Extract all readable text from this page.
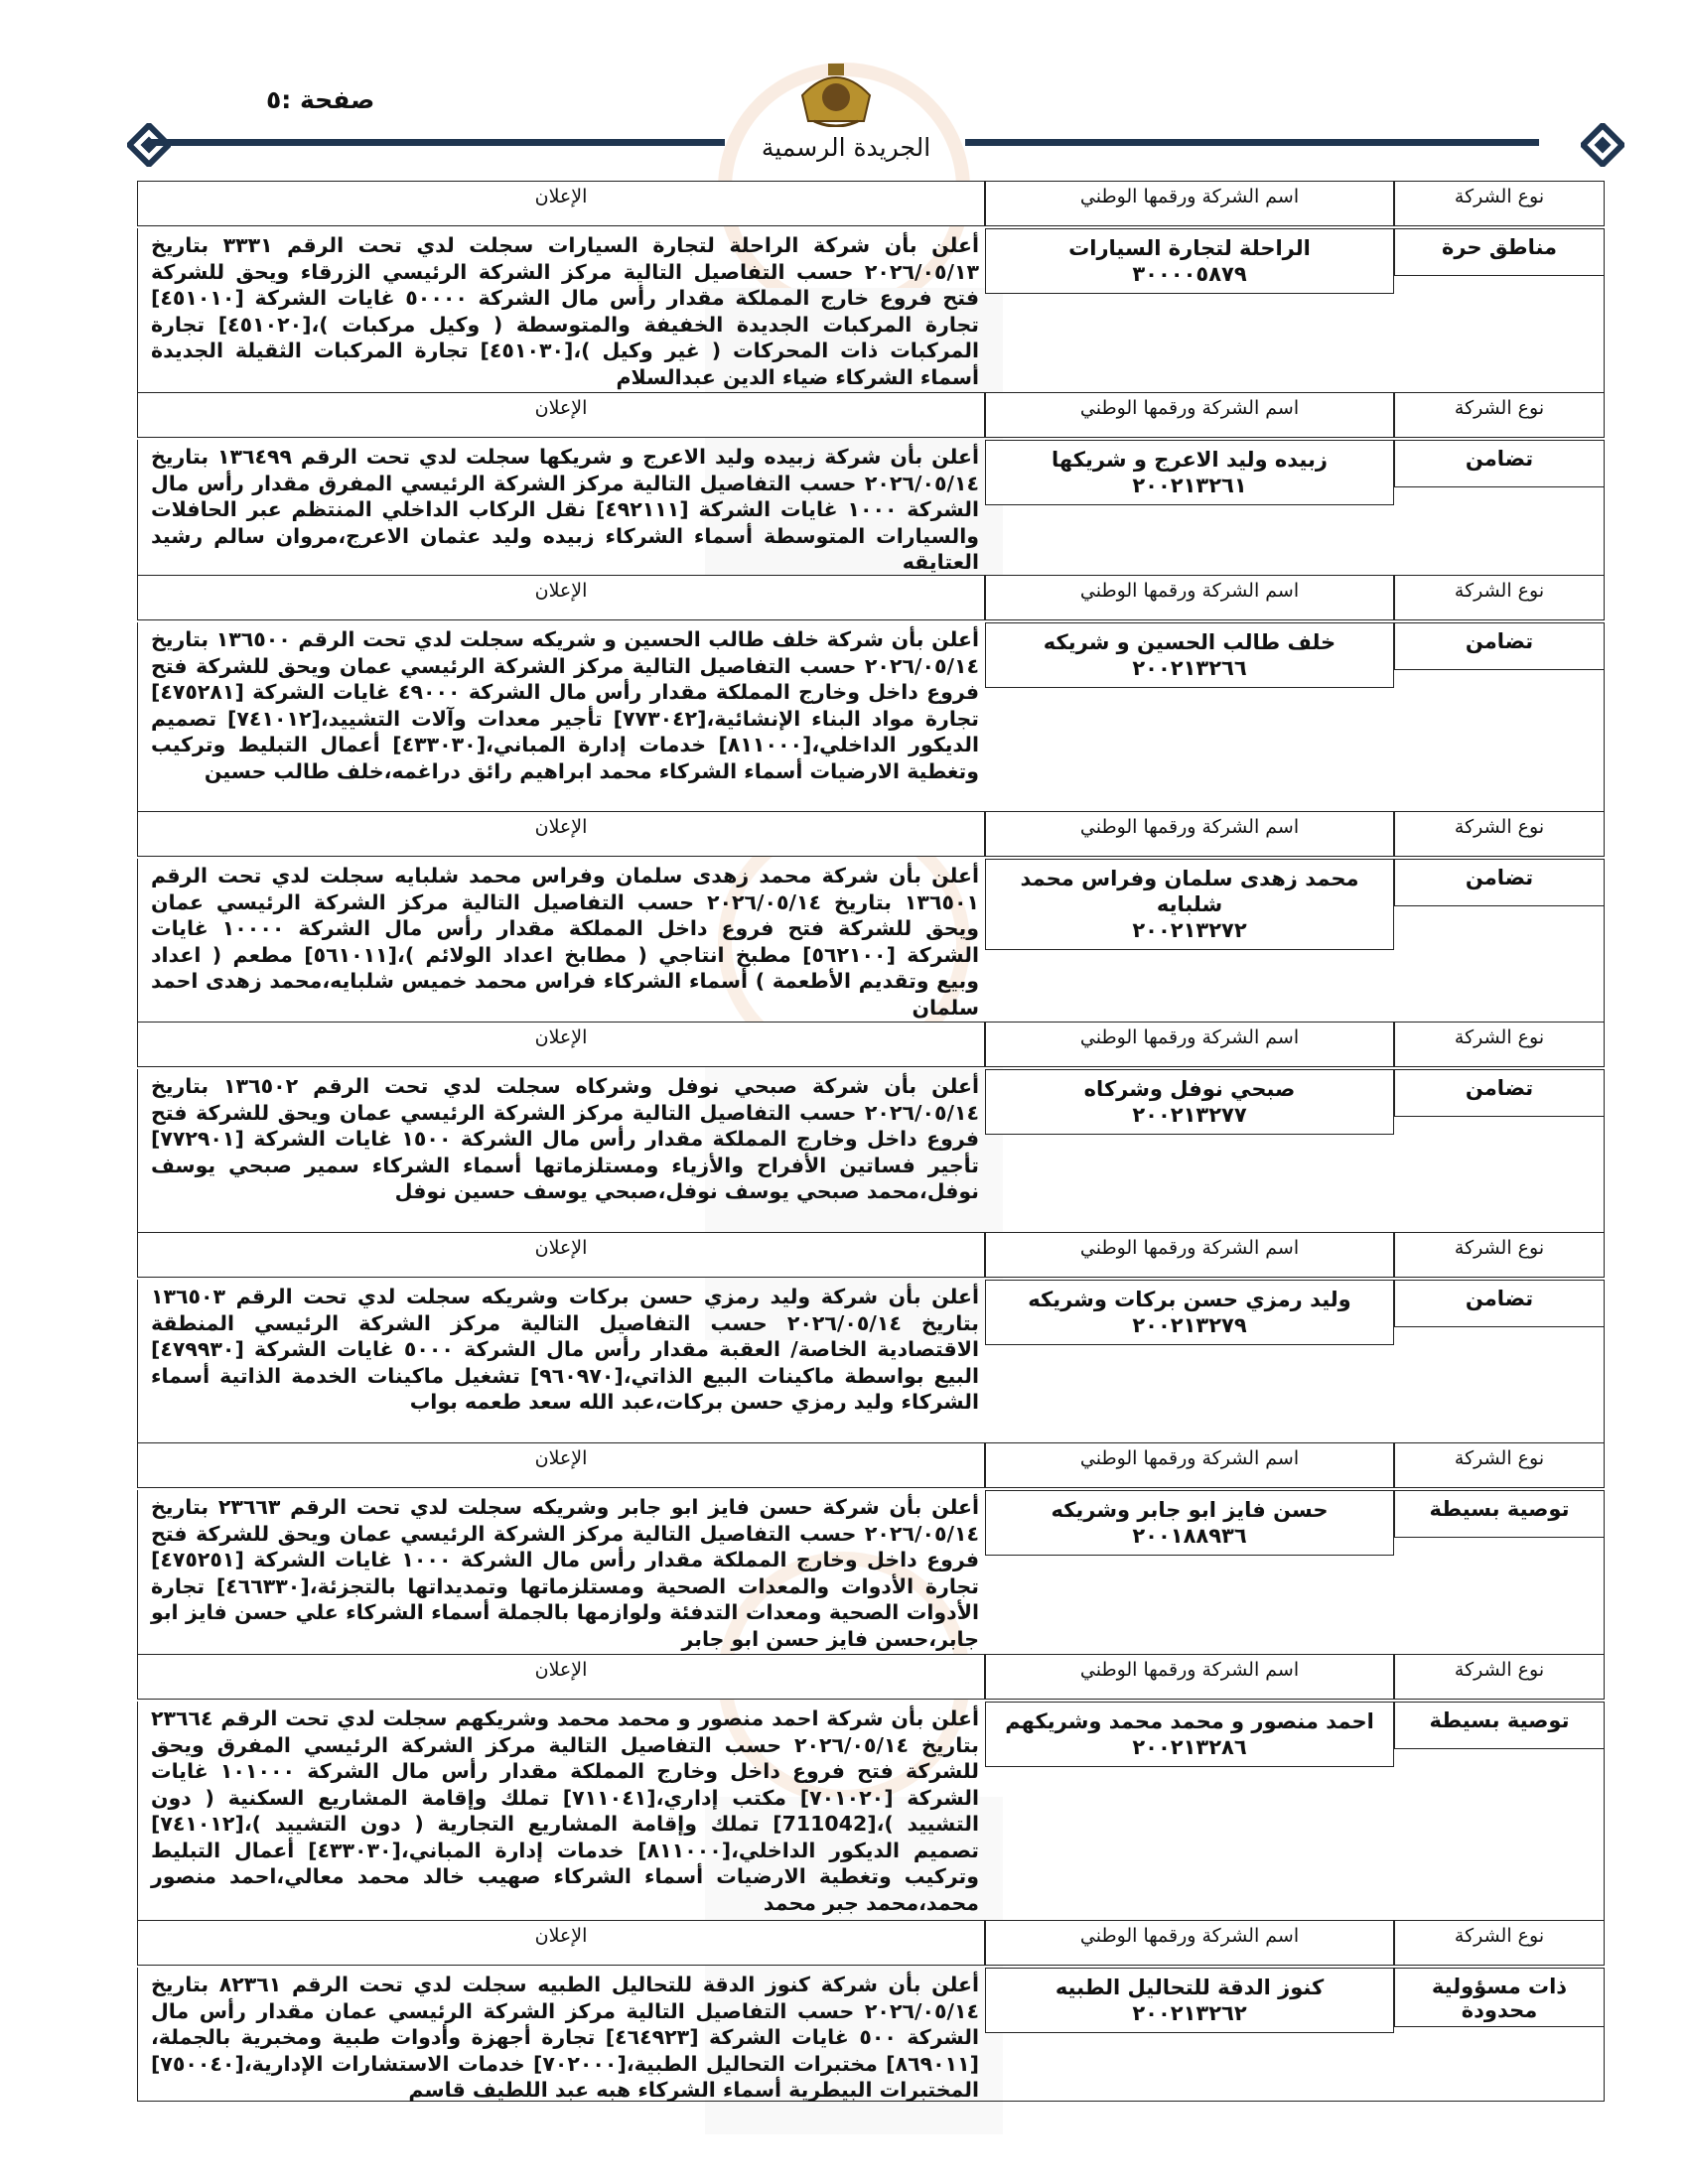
صفحة :٥
الجريدة الرسمية
نوع الشركة
اسم الشركة ورقمها الوطني
الإعلان
مناطق حرة
الراحلة لتجارة السيارات
٣٠٠٠٠٥٨٧٩
أعلن بأن شركة الراحلة لتجارة السيارات سجلت لدي تحت الرقم ٣٣٣١ بتاريخ ٢٠٢٦/٠٥/١٣ حسب التفاصيل التالية مركز الشركة الرئيسي الزرقاء ويحق للشركة فتح فروع خارج المملكة مقدار رأس مال الشركة ٥٠٠٠٠ غايات الشركة [٤٥١٠١٠] تجارة المركبات الجديدة الخفيفة والمتوسطة ( وكيل مركبات )،[٤٥١٠٢٠] تجارة المركبات ذات المحركات ( غير وكيل )،[٤٥١٠٣٠] تجارة المركبات الثقيلة الجديدة أسماء الشركاء ضياء الدين عبدالسلام
نوع الشركة
اسم الشركة ورقمها الوطني
الإعلان
تضامن
زبيده وليد الاعرج و شريكها
٢٠٠٢١٣٢٦١
أعلن بأن شركة زبيده وليد الاعرج و شريكها سجلت لدي تحت الرقم ١٣٦٤٩٩ بتاريخ ٢٠٢٦/٠٥/١٤ حسب التفاصيل التالية مركز الشركة الرئيسي المفرق مقدار رأس مال الشركة ١٠٠٠ غايات الشركة [٤٩٢١١١] نقل الركاب الداخلي المنتظم عبر الحافلات والسيارات المتوسطة أسماء الشركاء زبيده وليد عثمان الاعرج،مروان سالم رشيد العتايقه
نوع الشركة
اسم الشركة ورقمها الوطني
الإعلان
تضامن
خلف طالب الحسين و شريكه
٢٠٠٢١٣٢٦٦
أعلن بأن شركة خلف طالب الحسين و شريكه سجلت لدي تحت الرقم ١٣٦٥٠٠ بتاريخ ٢٠٢٦/٠٥/١٤ حسب التفاصيل التالية مركز الشركة الرئيسي عمان ويحق للشركة فتح فروع داخل وخارج المملكة مقدار رأس مال الشركة ٤٩٠٠٠ غايات الشركة [٤٧٥٢٨١] تجارة مواد البناء الإنشائية،[٧٧٣٠٤٢] تأجير معدات وآلات التشييد،[٧٤١٠١٢] تصميم الديكور الداخلي،[٨١١٠٠٠] خدمات إدارة المباني،[٤٣٣٠٣٠] أعمال التبليط وتركيب وتغطية الارضيات أسماء الشركاء محمد ابراهيم رائق دراغمه،خلف طالب حسين
نوع الشركة
اسم الشركة ورقمها الوطني
الإعلان
تضامن
محمد زهدى سلمان وفراس محمد شلبايه
٢٠٠٢١٣٢٧٢
أعلن بأن شركة محمد زهدى سلمان وفراس محمد شلبايه سجلت لدي تحت الرقم ١٣٦٥٠١ بتاريخ ٢٠٢٦/٠٥/١٤ حسب التفاصيل التالية مركز الشركة الرئيسي عمان ويحق للشركة فتح فروع داخل المملكة مقدار رأس مال الشركة ١٠٠٠٠ غايات الشركة [٥٦٢١٠٠] مطبخ انتاجي ( مطابخ اعداد الولائم )،[٥٦١٠١١] مطعم ( اعداد وبيع وتقديم الأطعمة ) أسماء الشركاء فراس محمد خميس شلبايه،محمد زهدى احمد سلمان
نوع الشركة
اسم الشركة ورقمها الوطني
الإعلان
تضامن
صبحي نوفل وشركاه
٢٠٠٢١٣٢٧٧
أعلن بأن شركة صبحي نوفل وشركاه سجلت لدي تحت الرقم ١٣٦٥٠٢ بتاريخ ٢٠٢٦/٠٥/١٤ حسب التفاصيل التالية مركز الشركة الرئيسي عمان ويحق للشركة فتح فروع داخل وخارج المملكة مقدار رأس مال الشركة ١٥٠٠ غايات الشركة [٧٧٢٩٠١] تأجير فساتين الأفراح والأزياء ومستلزماتها أسماء الشركاء سمير صبحي يوسف نوفل،محمد صبحي يوسف نوفل،صبحي يوسف حسين نوفل
نوع الشركة
اسم الشركة ورقمها الوطني
الإعلان
تضامن
وليد رمزي حسن بركات وشريكه
٢٠٠٢١٣٢٧٩
أعلن بأن شركة وليد رمزي حسن بركات وشريكه سجلت لدي تحت الرقم ١٣٦٥٠٣ بتاريخ ٢٠٢٦/٠٥/١٤ حسب التفاصيل التالية مركز الشركة الرئيسي المنطقة الاقتصادية الخاصة/ العقبة مقدار رأس مال الشركة ٥٠٠٠ غايات الشركة [٤٧٩٩٣٠] البيع بواسطة ماكينات البيع الذاتي،[٩٦٠٩٧٠] تشغيل ماكينات الخدمة الذاتية أسماء الشركاء وليد رمزي حسن بركات،عبد الله سعد طعمه بواب
نوع الشركة
اسم الشركة ورقمها الوطني
الإعلان
توصية بسيطة
حسن فايز ابو جابر وشريكه
٢٠٠١٨٨٩٣٦
أعلن بأن شركة حسن فايز ابو جابر وشريكه سجلت لدي تحت الرقم ٢٣٦٦٣ بتاريخ ٢٠٢٦/٠٥/١٤ حسب التفاصيل التالية مركز الشركة الرئيسي عمان ويحق للشركة فتح فروع داخل وخارج المملكة مقدار رأس مال الشركة ١٠٠٠ غايات الشركة [٤٧٥٢٥١] تجارة الأدوات والمعدات الصحية ومستلزماتها وتمديداتها بالتجزئة،[٤٦٦٣٣٠] تجارة الأدوات الصحية ومعدات التدفئة ولوازمها بالجملة أسماء الشركاء علي حسن فايز ابو جابر،حسن فايز حسن ابو جابر
نوع الشركة
اسم الشركة ورقمها الوطني
الإعلان
توصية بسيطة
احمد منصور و محمد محمد وشريكهم
٢٠٠٢١٣٢٨٦
أعلن بأن شركة احمد منصور و محمد محمد وشريكهم سجلت لدي تحت الرقم ٢٣٦٦٤ بتاريخ ٢٠٢٦/٠٥/١٤ حسب التفاصيل التالية مركز الشركة الرئيسي المفرق ويحق للشركة فتح فروع داخل وخارج المملكة مقدار رأس مال الشركة ١٠١٠٠٠ غايات الشركة [٧٠١٠٢٠] مكتب إداري،[٧١١٠٤١] تملك وإقامة المشاريع السكنية ( دون التشييد )،[711042] تملك وإقامة المشاريع التجارية ( دون التشييد )،[٧٤١٠١٢] تصميم الديكور الداخلي،[٨١١٠٠٠] خدمات إدارة المباني،[٤٣٣٠٣٠] أعمال التبليط وتركيب وتغطية الارضيات أسماء الشركاء صهيب خالد محمد معالي،احمد منصور محمد،محمد جبر محمد
نوع الشركة
اسم الشركة ورقمها الوطني
الإعلان
ذات مسؤولية محدودة
كنوز الدقة للتحاليل الطبيه
٢٠٠٢١٣٢٦٢
أعلن بأن شركة كنوز الدقة للتحاليل الطبيه سجلت لدي تحت الرقم ٨٢٣٦١ بتاريخ ٢٠٢٦/٠٥/١٤ حسب التفاصيل التالية مركز الشركة الرئيسي عمان مقدار رأس مال الشركة ٥٠٠ غايات الشركة [٤٦٤٩٢٣] تجارة أجهزة وأدوات طبية ومخبرية بالجملة،[٨٦٩٠١١] مختبرات التحاليل الطبية،[٧٠٢٠٠٠] خدمات الاستشارات الإدارية،[٧٥٠٠٤٠] المختبرات البيطرية أسماء الشركاء هبه عبد اللطيف قاسم
